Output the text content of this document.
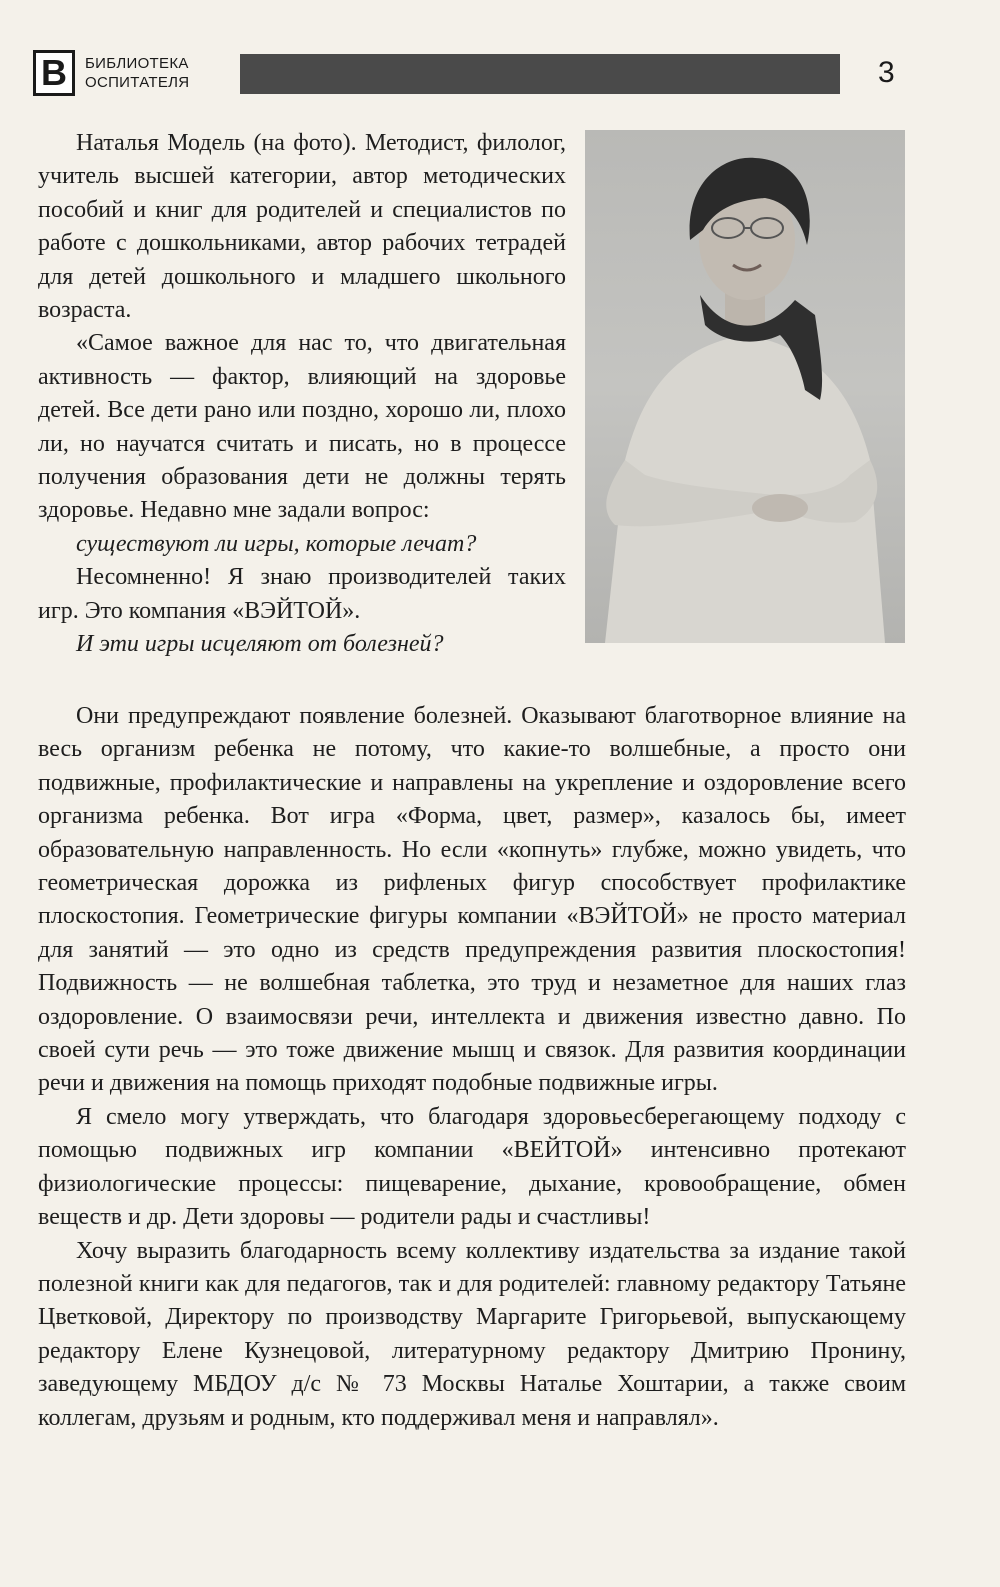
В БИБЛИОТЕКА
ОСПИТАТЕЛЯ	3

Наталья Модель (на фото). Методист, филолог, учитель высшей категории, автор методических пособий и книг для родителей и специалистов по работе с дошкольниками, автор рабочих тетрадей для детей дошкольного и младшего школьного возраста.

«Самое важное для нас то, что двигательная активность — фактор, влияющий на здоровье детей. Все дети рано или поздно, хорошо ли, плохо ли, но научатся считать и писать, но в процессе получения образования дети не должны терять здоровье. Недавно мне задали вопрос:

существуют ли игры, которые лечат?

Несомненно! Я знаю производителей таких игр. Это компания «ВЭЙТОЙ».

И эти игры исцеляют от болезней?

Они предупреждают появление болезней. Оказывают благотворное влияние на весь организм ребенка не потому, что какие-то волшебные, а просто они подвижные, профилактические и направлены на укрепление и оздоровление всего организма ребенка. Вот игра «Форма, цвет, размер», казалось бы, имеет образовательную направленность. Но если «копнуть» глубже, можно увидеть, что геометрическая дорожка из рифленых фигур способствует профилактике плоскостопия. Геометрические фигуры компании «ВЭЙТОЙ» не просто материал для занятий — это одно из средств предупреждения развития плоскостопия! Подвижность — не волшебная таблетка, это труд и незаметное для наших глаз оздоровление. О взаимосвязи речи, интеллекта и движения известно давно. По своей сути речь — это тоже движение мышц и связок. Для развития координации речи и движения на помощь приходят подобные подвижные игры.

Я смело могу утверждать, что благодаря здоровьесберегающему подходу с помощью подвижных игр компании «ВЕЙТОЙ» интенсивно протекают физиологические процессы: пищеварение, дыхание, кровообращение, обмен веществ и др. Дети здоровы — родители рады и счастливы!

Хочу выразить благодарность всему коллективу издательства за издание такой полезной книги как для педагогов, так и для родителей: главному редактору Татьяне Цветковой, Директору по производству Маргарите Григорьевой, выпускающему редактору Елене Кузнецовой, литературному редактору Дмитрию Пронину, заведующему МБДОУ д/с № 73 Москвы Наталье Хоштарии, а также своим коллегам, друзьям и родным, кто поддерживал меня и направлял».
